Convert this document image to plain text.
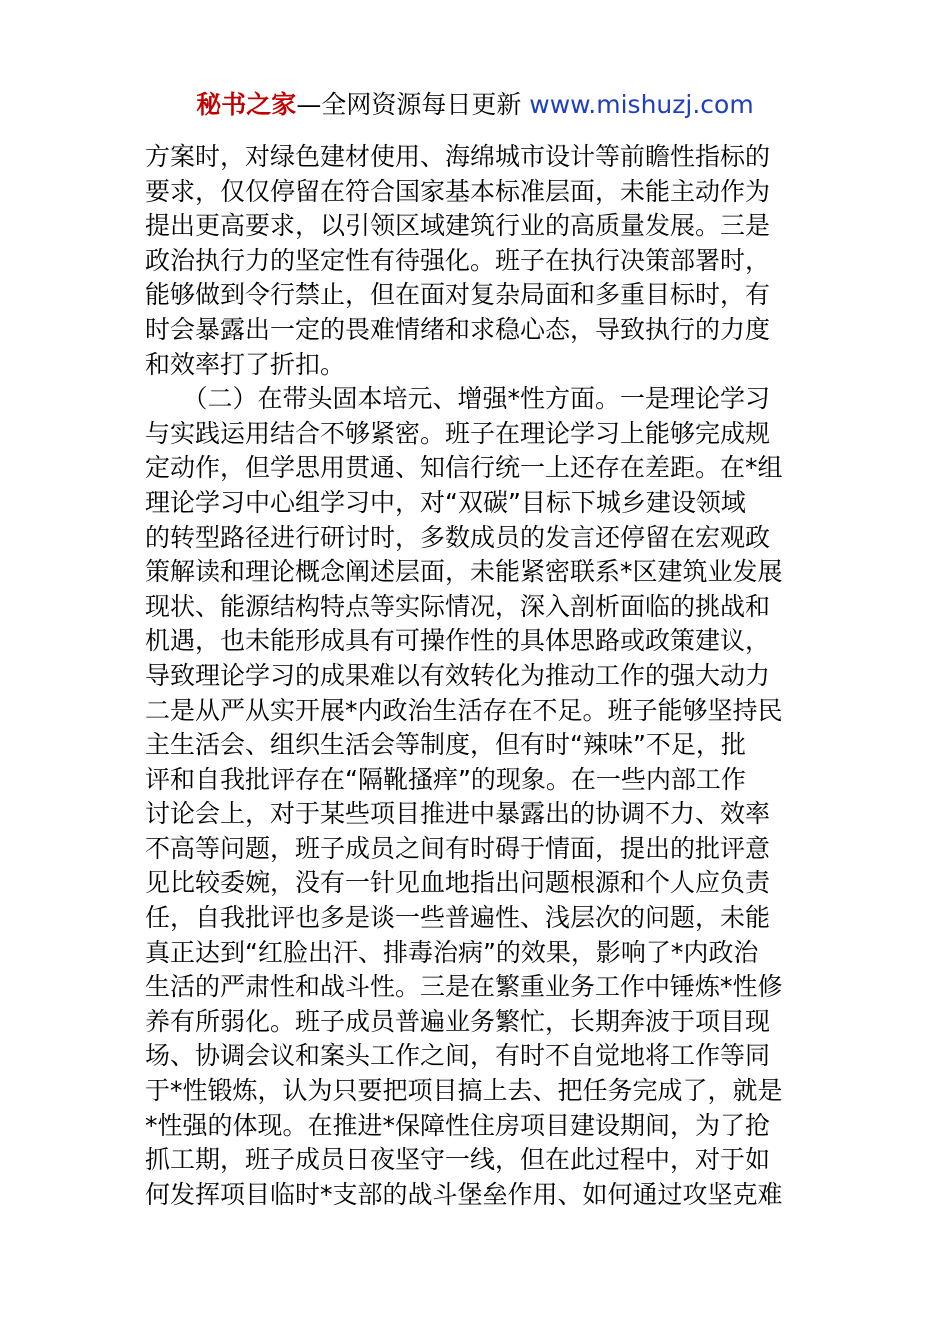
秘书之家—全网资源每日更新 www.mishuzj.com
方案时，对绿色建材使用、海绵城市设计等前瞻性指标的
要求，仅仅停留在符合国家基本标准层面，未能主动作为
提出更高要求，以引领区域建筑行业的高质量发展。三是
政治执行力的坚定性有待强化。班子在执行决策部署时，
能够做到令行禁止，但在面对复杂局面和多重目标时，有
时会暴露出一定的畏难情绪和求稳心态，导致执行的力度
和效率打了折扣。
　　（二）在带头固本培元、增强*性方面。一是理论学习
与实践运用结合不够紧密。班子在理论学习上能够完成规
定动作，但学思用贯通、知信行统一上还存在差距。在*组
理论学习中心组学习中，对“双碳”目标下城乡建设领域
的转型路径进行研讨时，多数成员的发言还停留在宏观政
策解读和理论概念阐述层面，未能紧密联系*区建筑业发展
现状、能源结构特点等实际情况，深入剖析面临的挑战和
机遇，也未能形成具有可操作性的具体思路或政策建议，
导致理论学习的成果难以有效转化为推动工作的强大动力
二是从严从实开展*内政治生活存在不足。班子能够坚持民
主生活会、组织生活会等制度，但有时“辣味”不足，批
评和自我批评存在“隔靴搔痒”的现象。在一些内部工作
讨论会上，对于某些项目推进中暴露出的协调不力、效率
不高等问题，班子成员之间有时碍于情面，提出的批评意
见比较委婉，没有一针见血地指出问题根源和个人应负责
任，自我批评也多是谈一些普遍性、浅层次的问题，未能
真正达到“红脸出汗、排毒治病”的效果，影响了*内政治
生活的严肃性和战斗性。三是在繁重业务工作中锤炼*性修
养有所弱化。班子成员普遍业务繁忙，长期奔波于项目现
场、协调会议和案头工作之间，有时不自觉地将工作等同
于*性锻炼，认为只要把项目搞上去、把任务完成了，就是
*性强的体现。在推进*保障性住房项目建设期间，为了抢
抓工期，班子成员日夜坚守一线，但在此过程中，对于如
何发挥项目临时*支部的战斗堡垒作用、如何通过攻坚克难
